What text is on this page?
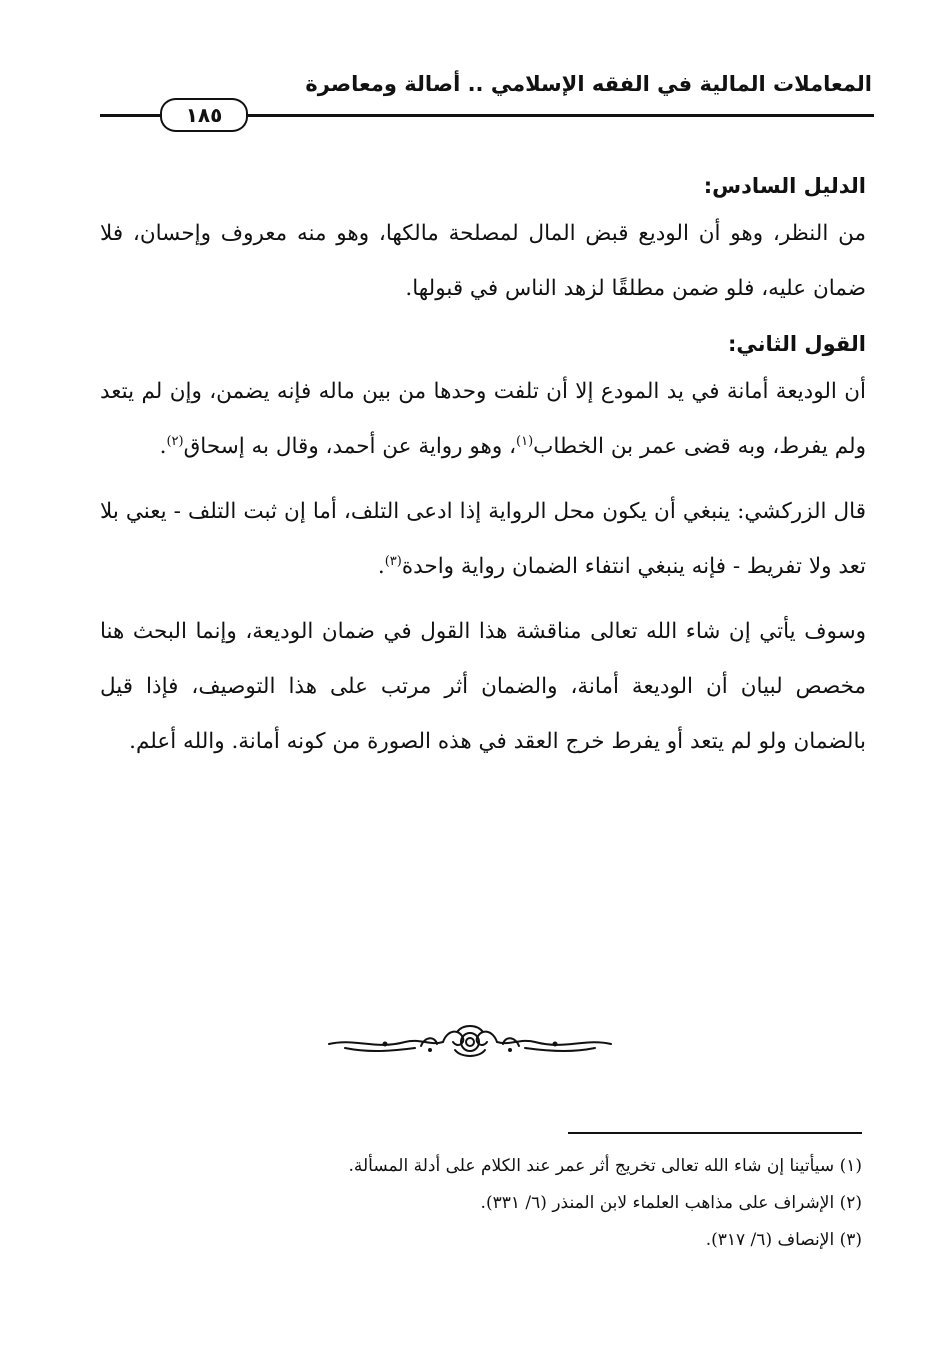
المعاملات المالية في الفقه الإسلامي .. أصالة ومعاصرة
١٨٥

الدليل السادس:

من النظر، وهو أن الوديع قبض المال لمصلحة مالكها، وهو منه معروف وإحسان، فلا ضمان عليه، فلو ضمن مطلقًا لزهد الناس في قبولها.

القول الثاني:

أن الوديعة أمانة في يد المودع إلا أن تلفت وحدها من بين ماله فإنه يضمن، وإن لم يتعد ولم يفرط، وبه قضى عمر بن الخطاب$^{(١)}$، وهو رواية عن أحمد، وقال به إسحاق$^{(٢)}$.

قال الزركشي: ينبغي أن يكون محل الرواية إذا ادعى التلف، أما إن ثبت التلف - يعني بلا تعد ولا تفريط - فإنه ينبغي انتفاء الضمان رواية واحدة$^{(٣)}$.

وسوف يأتي إن شاء الله تعالى مناقشة هذا القول في ضمان الوديعة، وإنما البحث هنا مخصص لبيان أن الوديعة أمانة، والضمان أثر مرتب على هذا التوصيف، فإذا قيل بالضمان ولو لم يتعد أو يفرط خرج العقد في هذه الصورة من كونه أمانة. والله أعلم.

(١) سيأتينا إن شاء الله تعالى تخريج أثر عمر عند الكلام على أدلة المسألة.
(٢) الإشراف على مذاهب العلماء لابن المنذر (٦/ ٣٣١).
(٣) الإنصاف (٦/ ٣١٧).
